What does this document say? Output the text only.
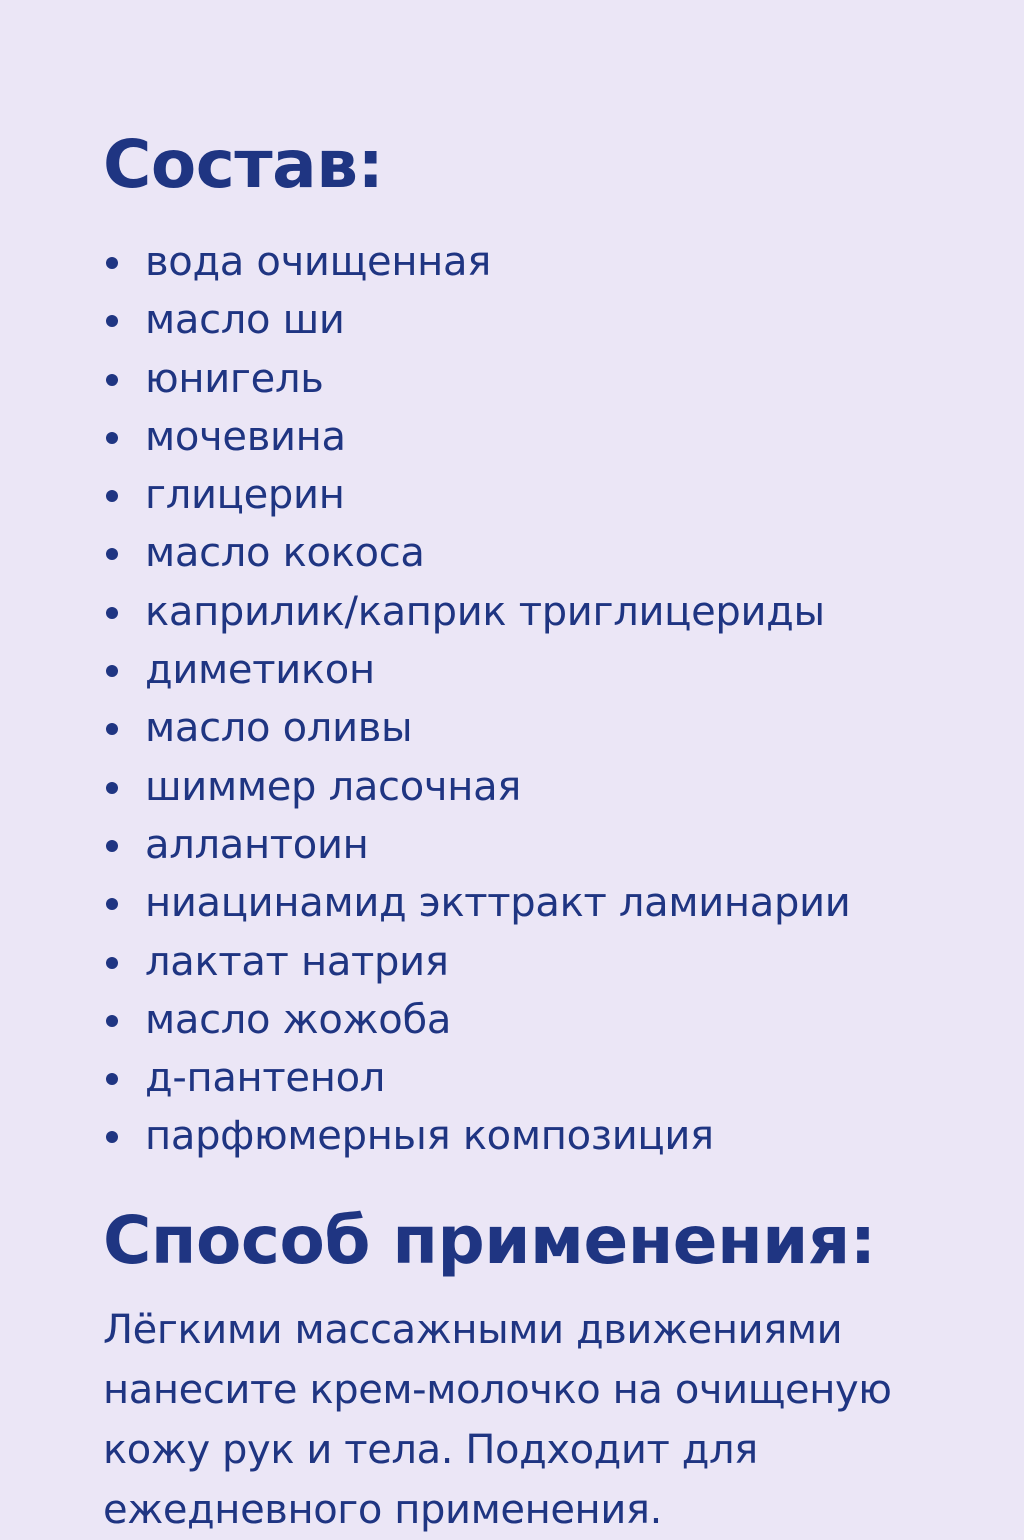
Состав:
вода очищенная
масло ши
юнигель
мочевина
глицерин
масло кокоса
каприлик/каприк триглицериды
диметикон
масло оливы
шиммер ласочная
аллантоин
ниацинамид экттракт ламинарии
лактат натрия
масло жожоба
д-пантенол
парфюмерньıя композиция
Способ применения:

Лёгкими массажными движениями
нанесите крем-молочко на очищеную
кожу рук и тела. Подходит для
ежедневного применения.
